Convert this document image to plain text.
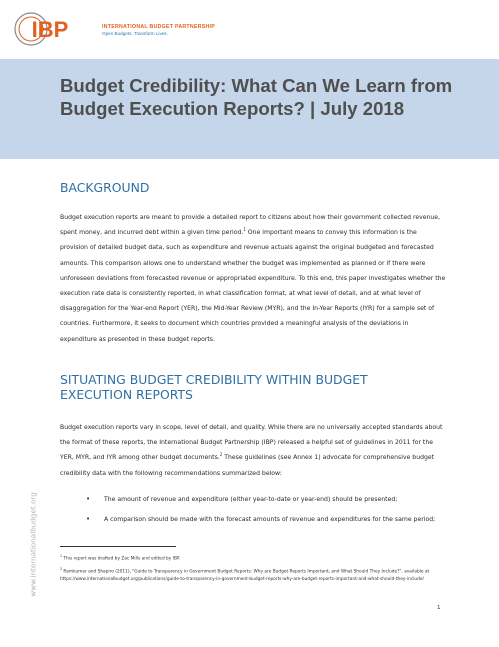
IBP	INTERNATIONAL BUDGET PARTNERSHIP
Open Budgets. Transform Lives.
Budget Credibility: What Can We Learn from
Budget Execution Reports? | July 2018
BACKGROUND

Budget execution reports are meant to provide a detailed report to citizens about how their government collected revenue, spent money, and incurred debt within a given time period.$^1$ One important means to convey this information is the provision of detailed budget data, such as expenditure and revenue actuals against the original budgeted and forecasted amounts. This comparison allows one to understand whether the budget was implemented as planned or if there were unforeseen deviations from forecasted revenue or appropriated expenditure. To this end, this paper investigates whether the execution rate data is consistently reported, in what classification format, at what level of detail, and at what level of disaggregation for the Year-end Report (YER), the Mid-Year Review (MYR), and the In-Year Reports (IYR) for a sample set of countries. Furthermore, it seeks to document which countries provided a meaningful analysis of the deviations in expenditure as presented in these budget reports.

SITUATING BUDGET CREDIBILITY WITHIN BUDGET
EXECUTION REPORTS

Budget execution reports vary in scope, level of detail, and quality. While there are no universally accepted standards about the format of these reports, the International Budget Partnership (IBP) released a helpful set of guidelines in 2011 for the YER, MYR, and IYR among other budget documents.$^2$ These guidelines (see Annex 1) advocate for comprehensive budget credibility data with the following recommendations summarized below:

• The amount of revenue and expenditure (either year-to-date or year-end) should be presented;
• A comparison should be made with the forecast amounts of revenue and expenditures for the same period;

$^1$ This report was drafted by Zac Mills and edited by IBP.

$^2$ Ramkumar and Shapiro (2011), "Guide to Transparency in Government Budget Reports: Why are Budget Reports Important, and What Should They Include?", available at https://www.internationalbudget.org/publications/guide-to-transparency-in-government-budget-reports-why-are-budget-reports-important-and-what-should-they-include/

www.internationalbudget.org
1
